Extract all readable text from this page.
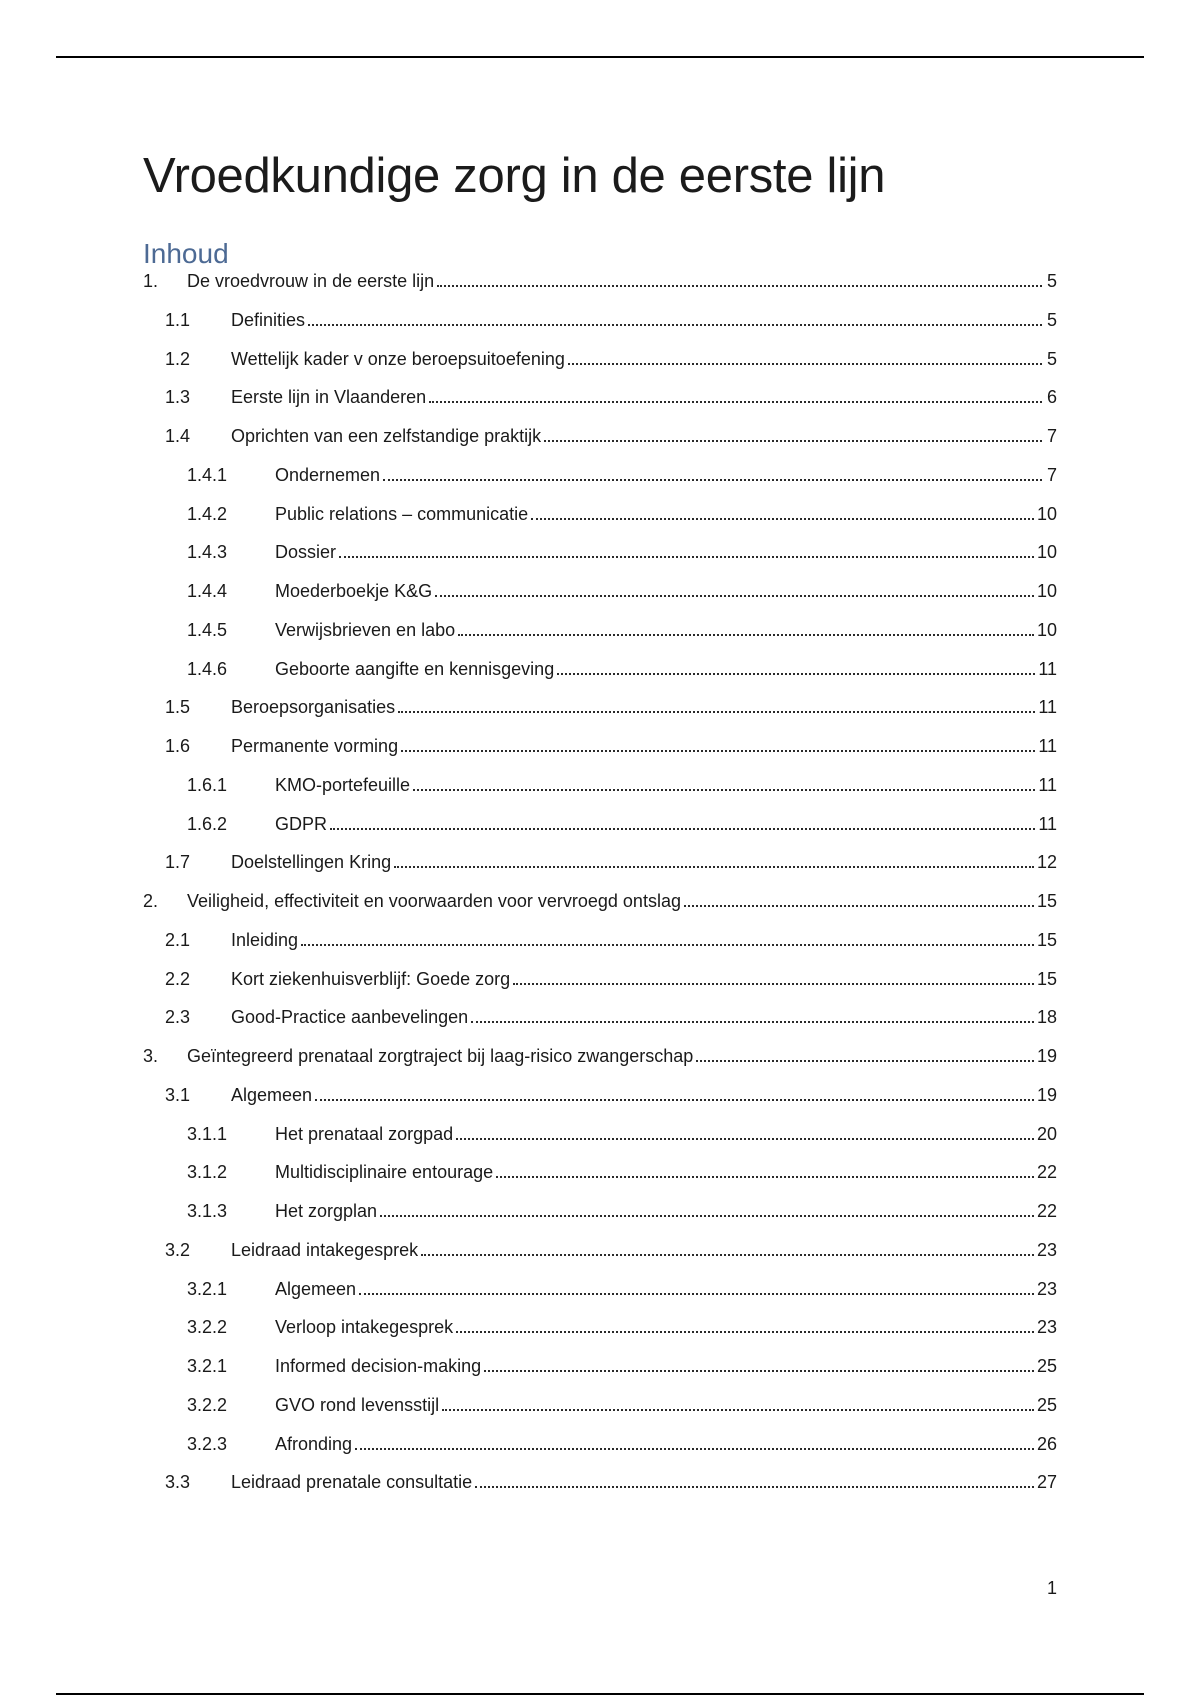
Vroedkundige zorg in de eerste lijn
Inhoud
1.	De vroedvrouw in de eerste lijn	5
1.1	Definities	5
1.2	Wettelijk kader v onze beroepsuitoefening	5
1.3	Eerste lijn in Vlaanderen	6
1.4	Oprichten van een zelfstandige praktijk	7
1.4.1	Ondernemen	7
1.4.2	Public relations – communicatie	10
1.4.3	Dossier	10
1.4.4	Moederboekje K&G	10
1.4.5	Verwijsbrieven en labo	10
1.4.6	Geboorte aangifte en kennisgeving	11
1.5	Beroepsorganisaties	11
1.6	Permanente vorming	11
1.6.1	KMO-portefeuille	11
1.6.2	GDPR	11
1.7	Doelstellingen Kring	12
2.	Veiligheid, effectiviteit en voorwaarden voor vervroegd ontslag	15
2.1	Inleiding	15
2.2	Kort ziekenhuisverblijf: Goede zorg	15
2.3	Good-Practice aanbevelingen	18
3.	Geïntegreerd prenataal zorgtraject bij laag-risico zwangerschap	19
3.1	Algemeen	19
3.1.1	Het prenataal zorgpad	20
3.1.2	Multidisciplinaire entourage	22
3.1.3	Het zorgplan	22
3.2	Leidraad intakegesprek	23
3.2.1	Algemeen	23
3.2.2	Verloop intakegesprek	23
3.2.1	Informed decision-making	25
3.2.2	GVO rond levensstijl	25
3.2.3	Afronding	26
3.3	Leidraad prenatale consultatie	27
1
